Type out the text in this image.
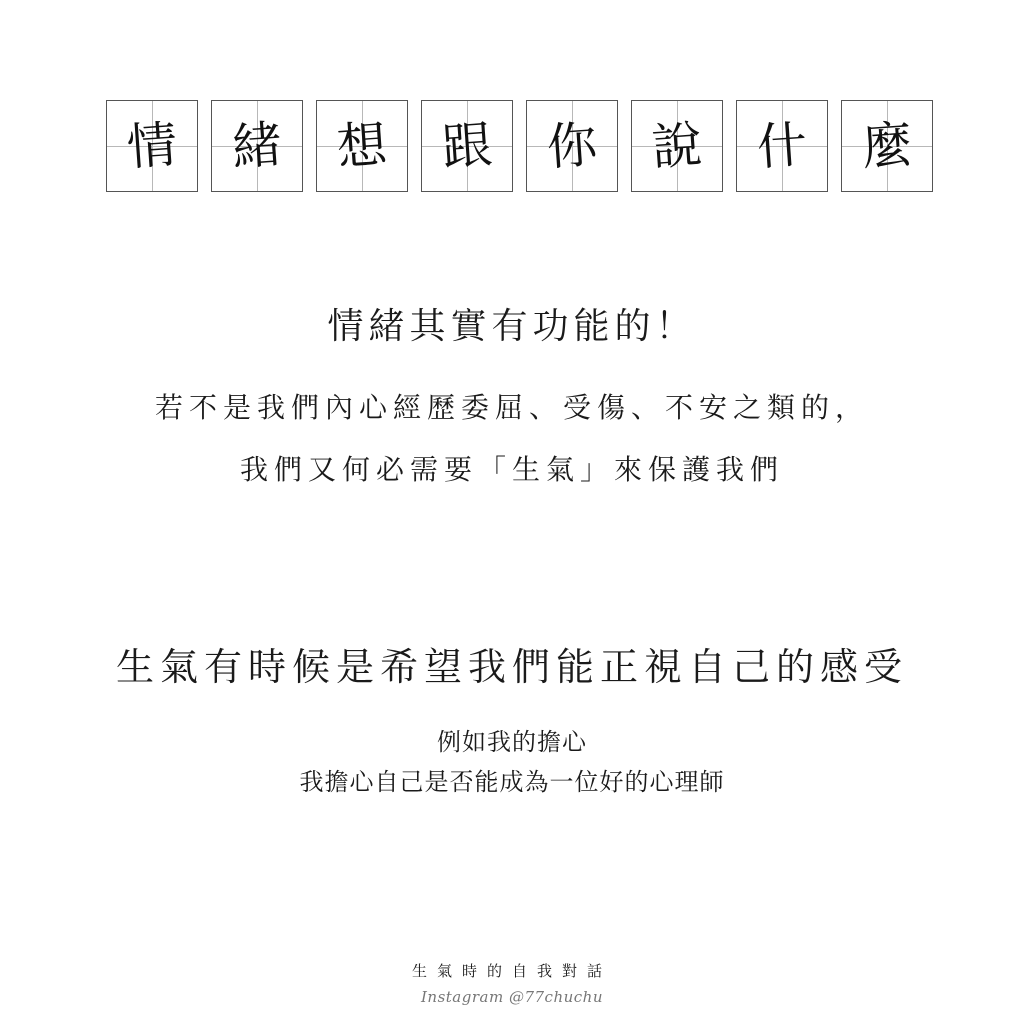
情 緒 想 跟 你 說 什 麼

情緒其實有功能的！

若不是我們內心經歷委屈、受傷、不安之類的，

我們又何必需要「生氣」來保護我們

生氣有時候是希望我們能正視自己的感受

例如我的擔心

我擔心自己是否能成為一位好的心理師

生氣時的自我對話

Instagram @77chuchu
